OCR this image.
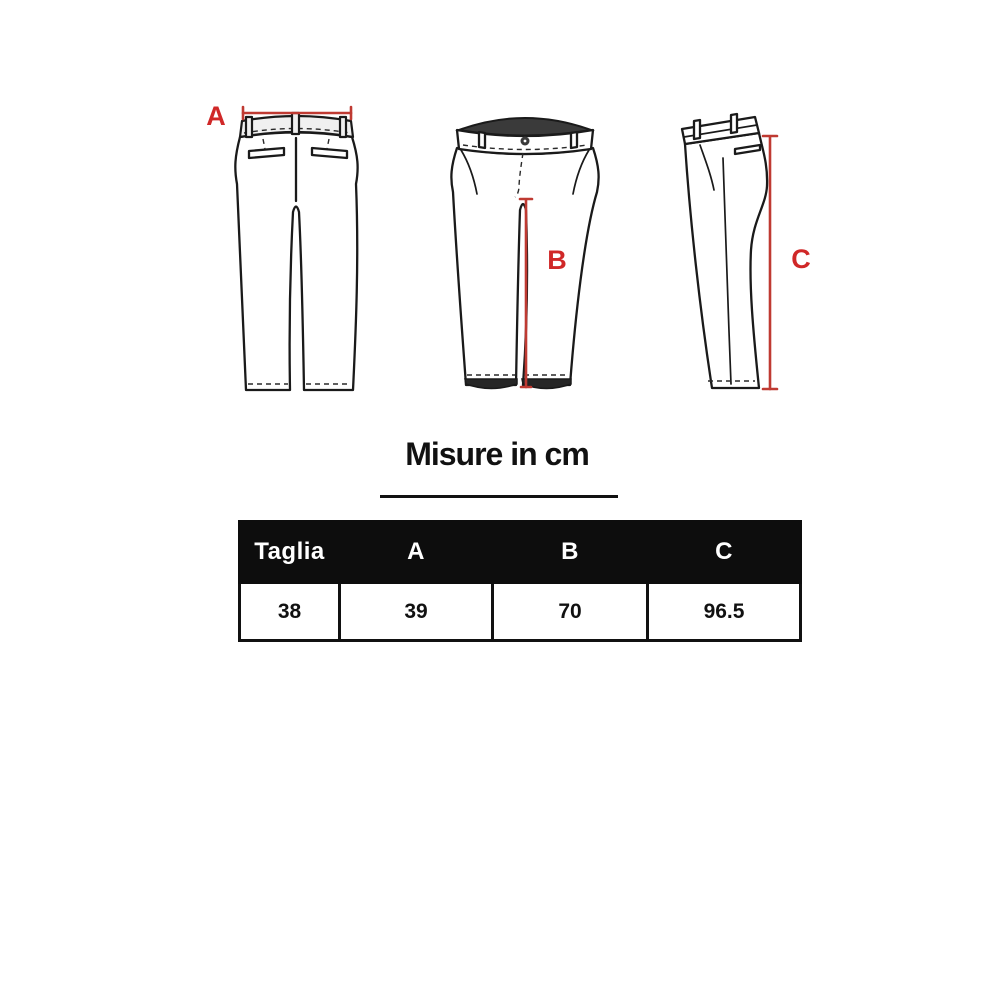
A
B	C
Misure in cm
Taglia	A	B	C
38	39	70	96.5
